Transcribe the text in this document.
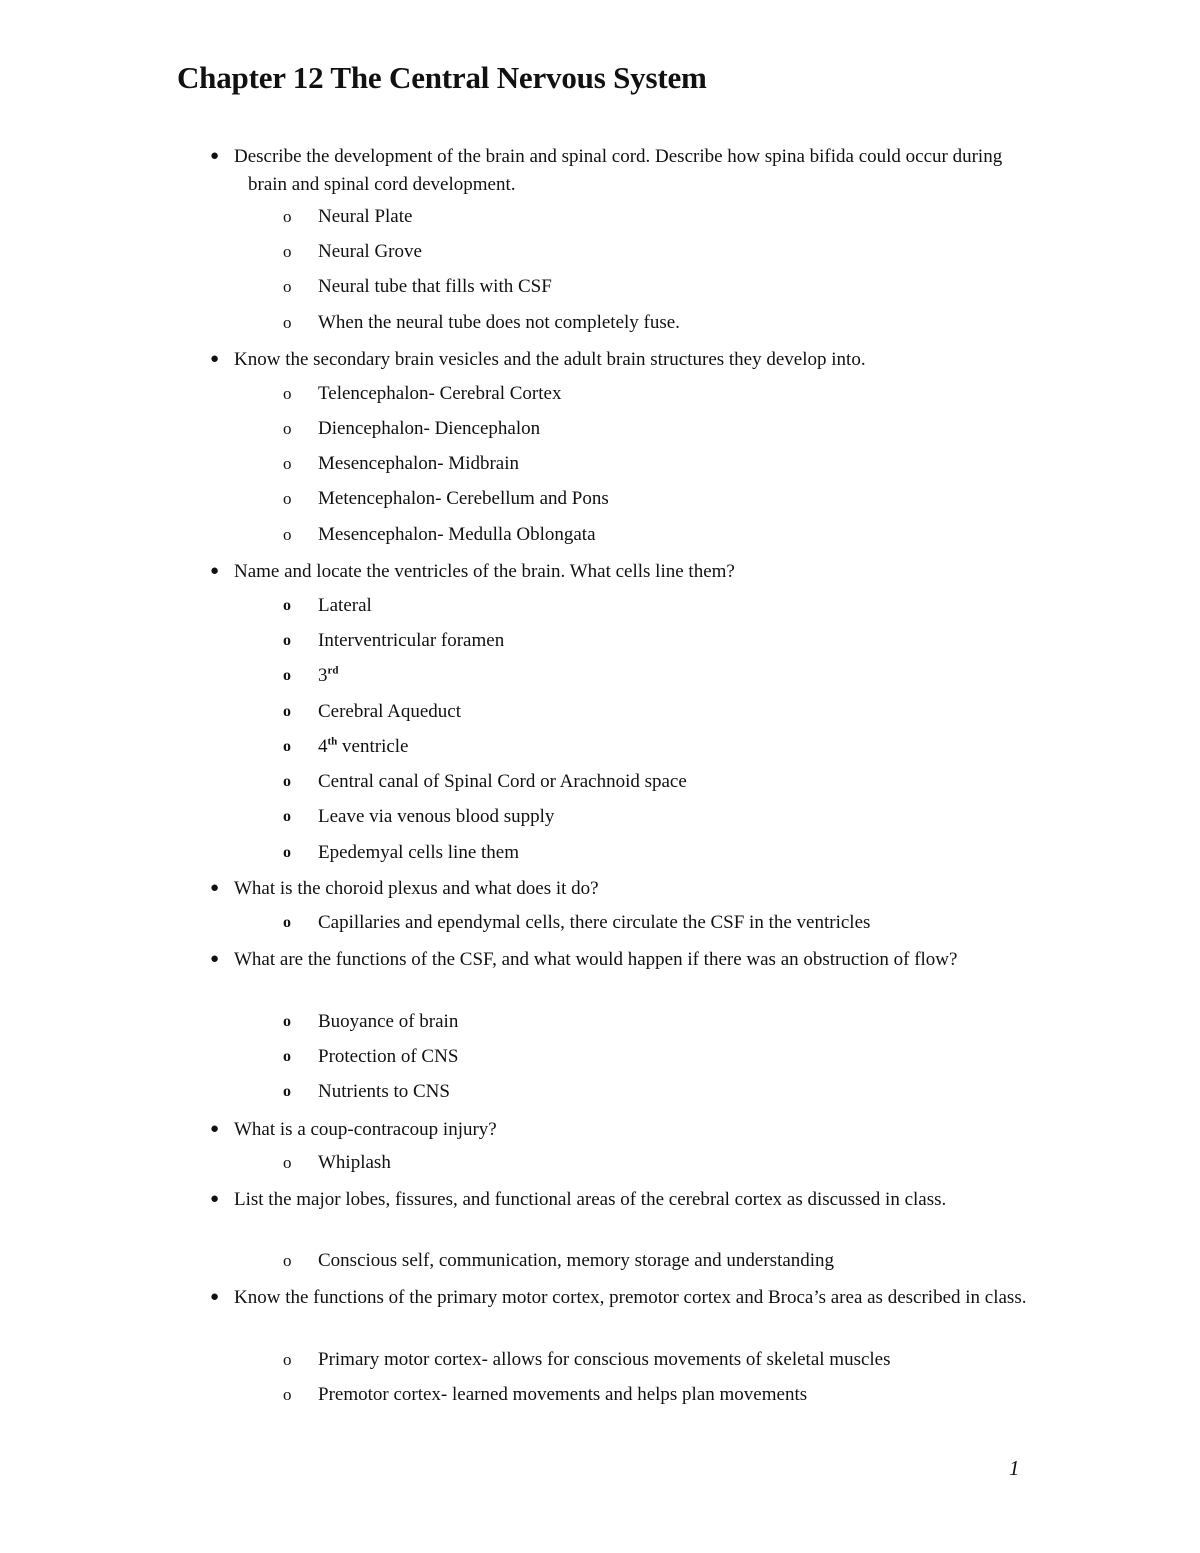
Chapter 12 The Central Nervous System
● Describe the development of the brain and spinal cord. Describe how spina bifida could occur during brain and spinal cord development.
o Neural Plate
o Neural Grove
o Neural tube that fills with CSF
o When the neural tube does not completely fuse.
● Know the secondary brain vesicles and the adult brain structures they develop into.
o Telencephalon- Cerebral Cortex
o Diencephalon- Diencephalon
o Mesencephalon- Midbrain
o Metencephalon- Cerebellum and Pons
o Mesencephalon- Medulla Oblongata
● Name and locate the ventricles of the brain. What cells line them?
o Lateral
o Interventricular foramen
o 3rd
o Cerebral Aqueduct
o 4th ventricle
o Central canal of Spinal Cord or Arachnoid space
o Leave via venous blood supply
o Epedemyal cells line them
● What is the choroid plexus and what does it do?
o Capillaries and ependymal cells, there circulate the CSF in the ventricles
● What are the functions of the CSF, and what would happen if there was an obstruction of flow?
o Buoyance of brain
o Protection of CNS
o Nutrients to CNS
● What is a coup-contracoup injury?
o Whiplash
● List the major lobes, fissures, and functional areas of the cerebral cortex as discussed in class.
o Conscious self, communication, memory storage and understanding
● Know the functions of the primary motor cortex, premotor cortex and Broca’s area as described in class.
o Primary motor cortex- allows for conscious movements of skeletal muscles
o Premotor cortex- learned movements and helps plan movements
1
